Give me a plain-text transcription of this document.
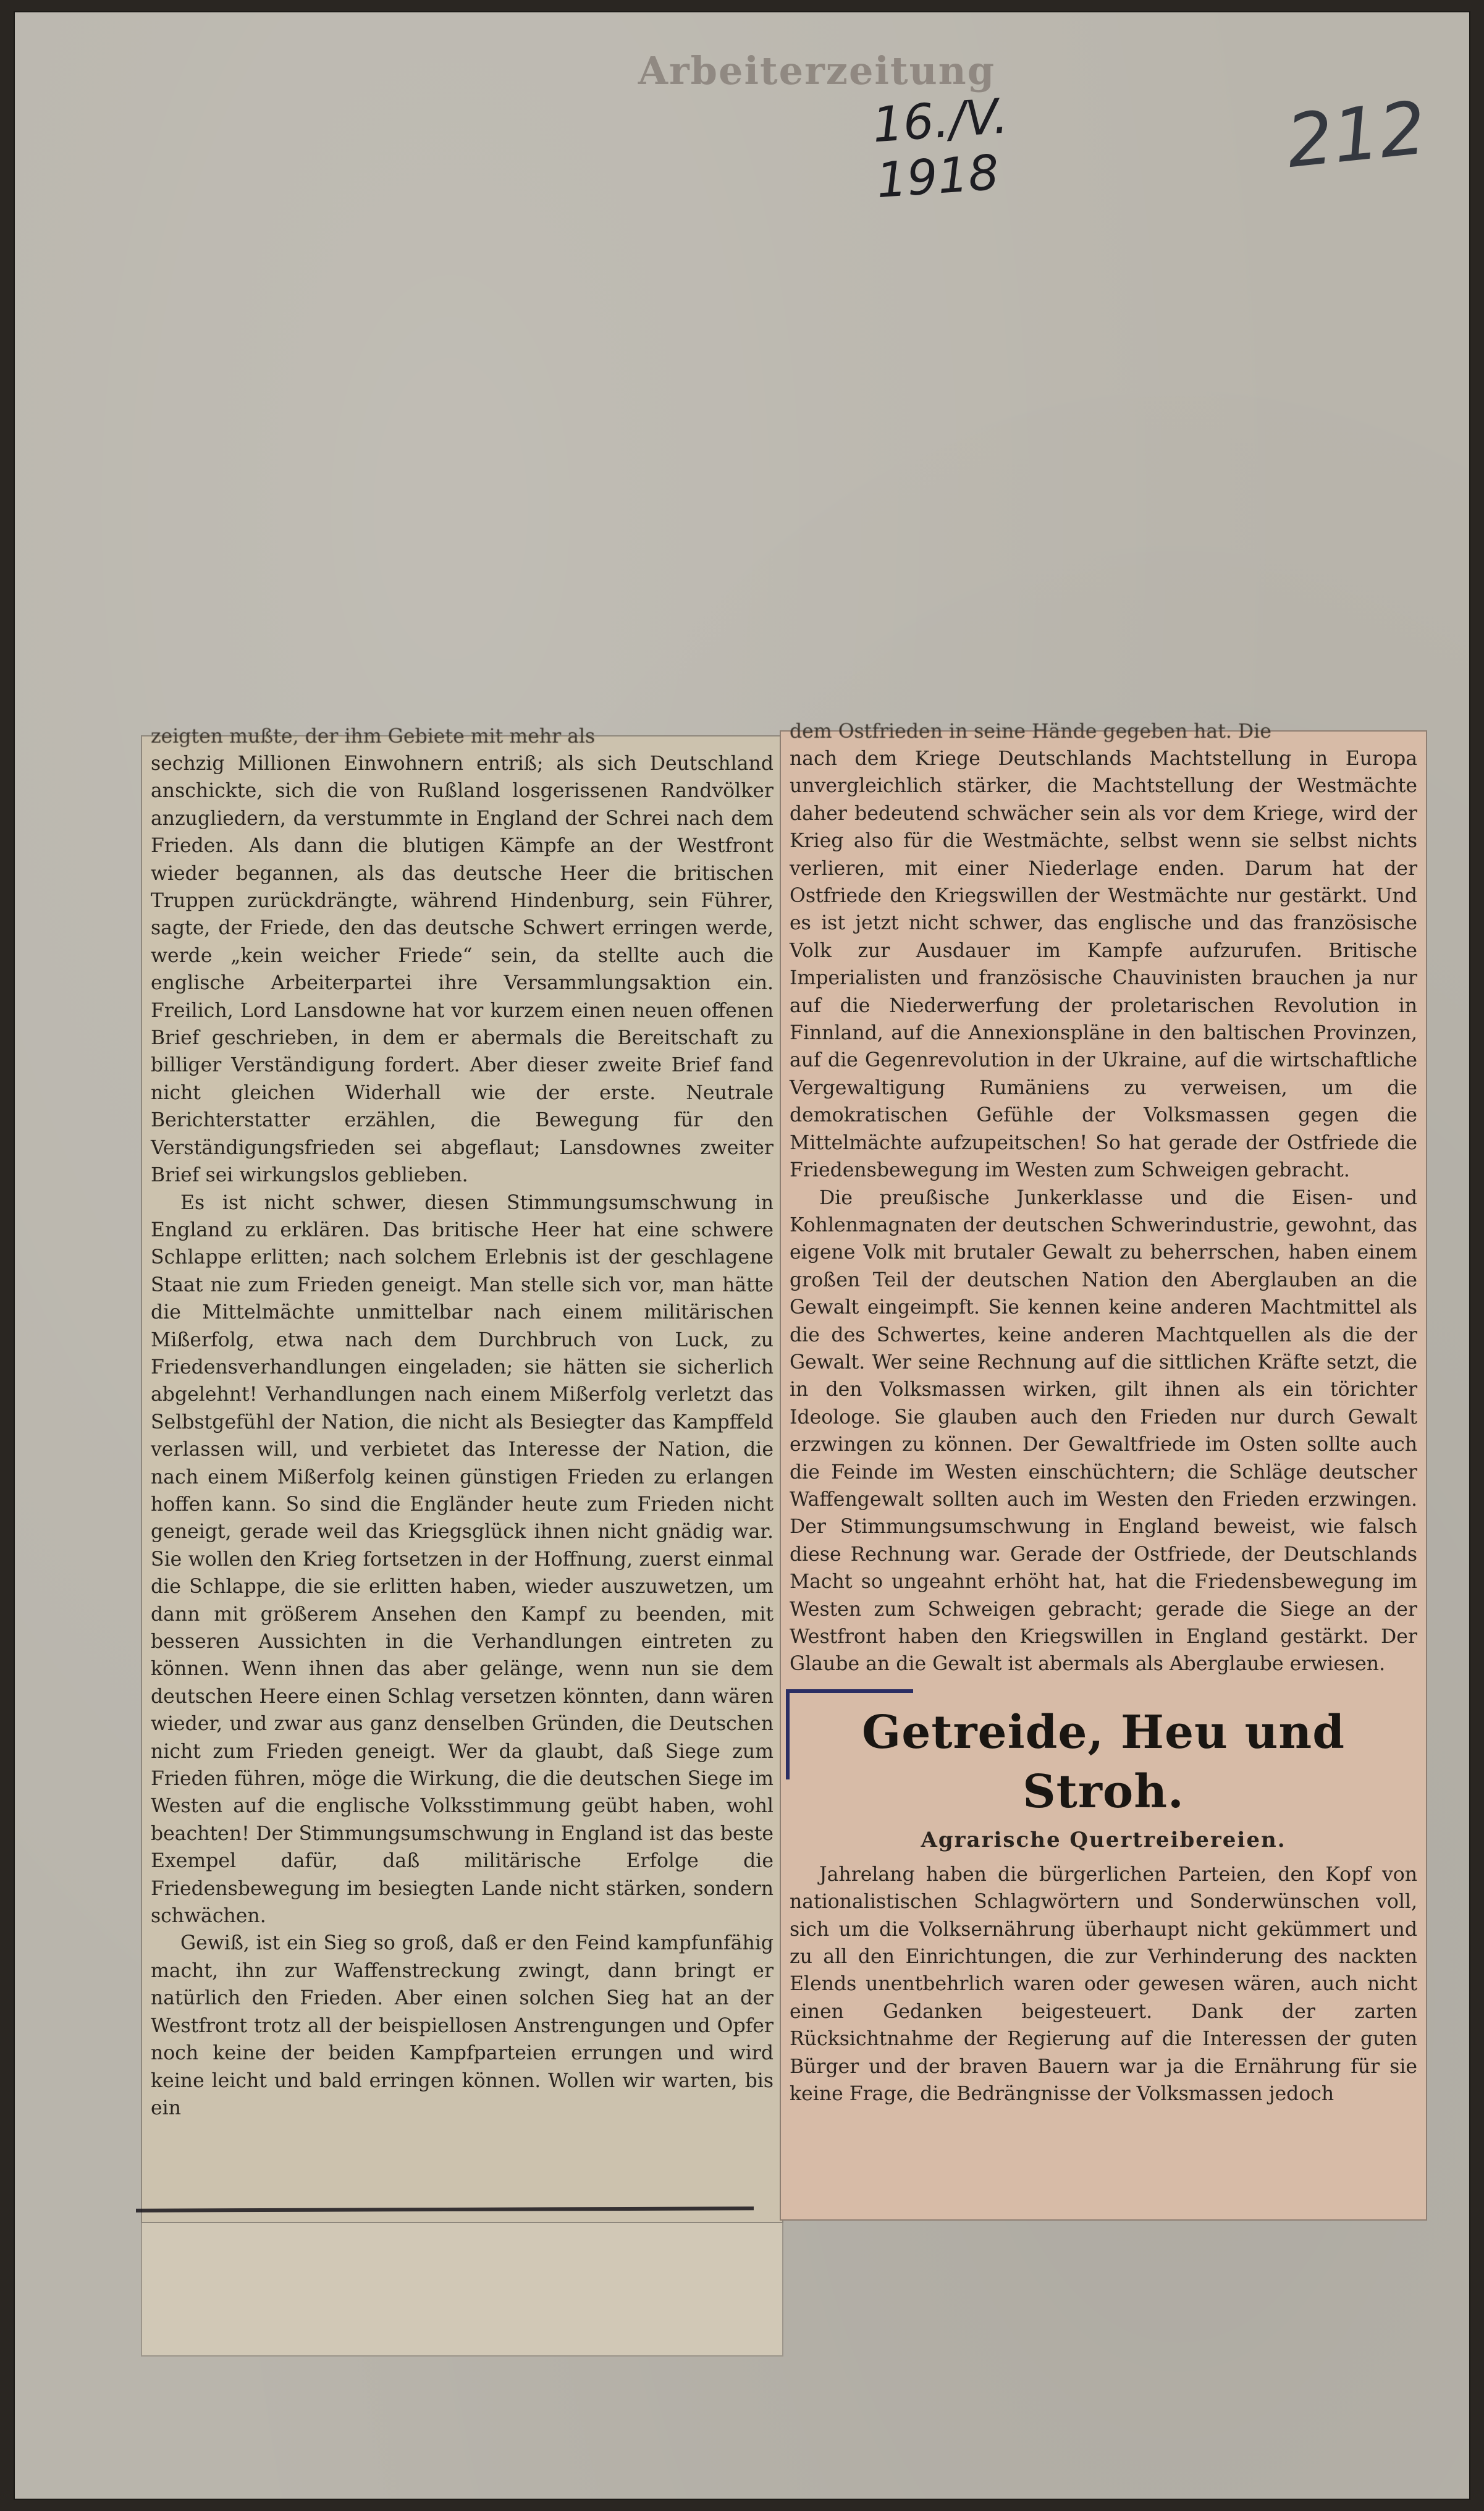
Arbeiterzeitung
16./V. 1918	212
zeigten mußte, der ihm Gebiete mit mehr als

sechzig Millionen Einwohnern entriß; als sich Deutschland anschickte, sich die von Rußland losgerissenen Randvölker anzugliedern, da verstummte in England der Schrei nach dem Frieden. Als dann die blutigen Kämpfe an der Westfront wieder begannen, als das deutsche Heer die britischen Truppen zurückdrängte, während Hindenburg, sein Führer, sagte, der Friede, den das deutsche Schwert erringen werde, werde „kein weicher Friede“ sein, da stellte auch die englische Arbeiterpartei ihre Versammlungsaktion ein. Freilich, Lord Lansdowne hat vor kurzem einen neuen offenen Brief geschrieben, in dem er abermals die Bereitschaft zu billiger Verständigung fordert. Aber dieser zweite Brief fand nicht gleichen Widerhall wie der erste. Neutrale Berichterstatter erzählen, die Bewegung für den Verständigungsfrieden sei abgeflaut; Lansdownes zweiter Brief sei wirkungslos geblieben.

Es ist nicht schwer, diesen Stimmungsumschwung in England zu erklären. Das britische Heer hat eine schwere Schlappe erlitten; nach solchem Erlebnis ist der geschlagene Staat nie zum Frieden geneigt. Man stelle sich vor, man hätte die Mittelmächte unmittelbar nach einem militärischen Mißerfolg, etwa nach dem Durchbruch von Luck, zu Friedensverhandlungen eingeladen; sie hätten sie sicherlich abgelehnt! Verhandlungen nach einem Mißerfolg verletzt das Selbstgefühl der Nation, die nicht als Besiegter das Kampffeld verlassen will, und verbietet das Interesse der Nation, die nach einem Mißerfolg keinen günstigen Frieden zu erlangen hoffen kann. So sind die Engländer heute zum Frieden nicht geneigt, gerade weil das Kriegsglück ihnen nicht gnädig war. Sie wollen den Krieg fortsetzen in der Hoffnung, zuerst einmal die Schlappe, die sie erlitten haben, wieder auszuwetzen, um dann mit größerem Ansehen den Kampf zu beenden, mit besseren Aussichten in die Verhandlungen eintreten zu können. Wenn ihnen das aber gelänge, wenn nun sie dem deutschen Heere einen Schlag versetzen könnten, dann wären wieder, und zwar aus ganz denselben Gründen, die Deutschen nicht zum Frieden geneigt. Wer da glaubt, daß Siege zum Frieden führen, möge die Wirkung, die die deutschen Siege im Westen auf die englische Volksstimmung geübt haben, wohl beachten! Der Stimmungsumschwung in England ist das beste Exempel dafür, daß militärische Erfolge die Friedensbewegung im besiegten Lande nicht stärken, sondern schwächen.

Gewiß, ist ein Sieg so groß, daß er den Feind kampfunfähig macht, ihn zur Waffenstreckung zwingt, dann bringt er natürlich den Frieden. Aber einen solchen Sieg hat an der Westfront trotz all der beispiellosen Anstrengungen und Opfer noch keine der beiden Kampfparteien errungen und wird keine leicht und bald erringen können. Wollen wir warten, bis ein

dem Ostfrieden in seine Hände gegeben hat. Die

nach dem Kriege Deutschlands Machtstellung in Europa unvergleichlich stärker, die Machtstellung der Westmächte daher bedeutend schwächer sein als vor dem Kriege, wird der Krieg also für die Westmächte, selbst wenn sie selbst nichts verlieren, mit einer Niederlage enden. Darum hat der Ostfriede den Kriegswillen der Westmächte nur gestärkt. Und es ist jetzt nicht schwer, das englische und das französische Volk zur Ausdauer im Kampfe aufzurufen. Britische Imperialisten und französische Chauvinisten brauchen ja nur auf die Niederwerfung der proletarischen Revolution in Finnland, auf die Annexionspläne in den baltischen Provinzen, auf die Gegenrevolution in der Ukraine, auf die wirtschaftliche Vergewaltigung Rumäniens zu verweisen, um die demokratischen Gefühle der Volksmassen gegen die Mittelmächte aufzupeitschen! So hat gerade der Ostfriede die Friedensbewegung im Westen zum Schweigen gebracht.

Die preußische Junkerklasse und die Eisen- und Kohlenmagnaten der deutschen Schwerindustrie, gewohnt, das eigene Volk mit brutaler Gewalt zu beherrschen, haben einem großen Teil der deutschen Nation den Aberglauben an die Gewalt eingeimpft. Sie kennen keine anderen Machtmittel als die des Schwertes, keine anderen Machtquellen als die der Gewalt. Wer seine Rechnung auf die sittlichen Kräfte setzt, die in den Volksmassen wirken, gilt ihnen als ein törichter Ideologe. Sie glauben auch den Frieden nur durch Gewalt erzwingen zu können. Der Gewaltfriede im Osten sollte auch die Feinde im Westen einschüchtern; die Schläge deutscher Waffengewalt sollten auch im Westen den Frieden erzwingen. Der Stimmungsumschwung in England beweist, wie falsch diese Rechnung war. Gerade der Ostfriede, der Deutschlands Macht so ungeahnt erhöht hat, hat die Friedensbewegung im Westen zum Schweigen gebracht; gerade die Siege an der Westfront haben den Kriegswillen in England gestärkt. Der Glaube an die Gewalt ist abermals als Aberglaube erwiesen.

Getreide, Heu und Stroh.
Agrarische Quertreibereien.

Jahrelang haben die bürgerlichen Parteien, den Kopf von nationalistischen Schlagwörtern und Sonderwünschen voll, sich um die Volksernährung überhaupt nicht gekümmert und zu all den Einrichtungen, die zur Verhinderung des nackten Elends unentbehrlich waren oder gewesen wären, auch nicht einen Gedanken beigesteuert. Dank der zarten Rücksichtnahme der Regierung auf die Interessen der guten Bürger und der braven Bauern war ja die Ernährung für sie keine Frage, die Bedrängnisse der Volksmassen jedoch
